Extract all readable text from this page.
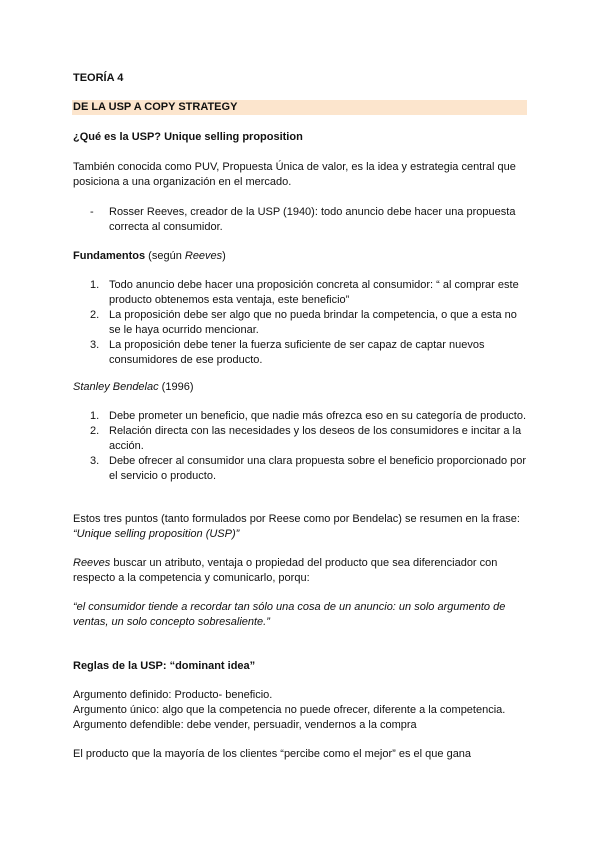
TEORÍA 4
DE LA USP A COPY STRATEGY
¿Qué es la USP? Unique selling proposition
También conocida como PUV, Propuesta Única de valor, es la idea y estrategia central que posiciona a una organización en el mercado.
- Rosser Reeves, creador de la USP (1940): todo anuncio debe hacer una propuesta correcta al consumidor.
Fundamentos (según Reeves)
1. Todo anuncio debe hacer una proposición concreta al consumidor: “ al comprar este producto obtenemos esta ventaja, este beneficio”
2. La proposición debe ser algo que no pueda brindar la competencia, o que a esta no se le haya ocurrido mencionar.
3. La proposición debe tener la fuerza suficiente de ser capaz de captar nuevos consumidores de ese producto.
Stanley Bendelac (1996)
1. Debe prometer un beneficio, que nadie más ofrezca eso en su categoría de producto.
2. Relación directa con las necesidades y los deseos de los consumidores e incitar a la acción.
3. Debe ofrecer al consumidor una clara propuesta sobre el beneficio proporcionado por el servicio o producto.
Estos tres puntos (tanto formulados por Reese como por Bendelac) se resumen en la frase:
“Unique selling proposition (USP)”
Reeves buscar un atributo, ventaja o propiedad del producto que sea diferenciador con respecto a la competencia y comunicarlo, porqu:
“el consumidor tiende a recordar tan sólo una cosa de un anuncio: un solo argumento de ventas, un solo concepto sobresaliente.”
Reglas de la USP: “dominant idea”
Argumento definido: Producto- beneficio.
Argumento único: algo que la competencia no puede ofrecer, diferente a la competencia.
Argumento defendible: debe vender, persuadir, vendernos a la compra
El producto que la mayoría de los clientes “percibe como el mejor” es el que gana
